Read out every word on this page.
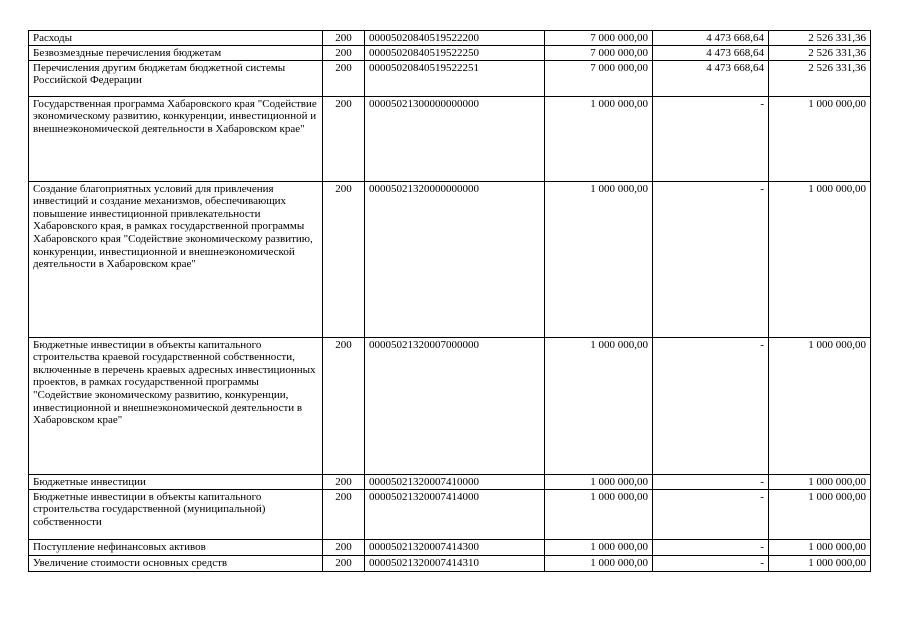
Расходы	200	00005020840519522200	7 000 000,00	4 473 668,64	2 526 331,36
Безвозмездные перечисления бюджетам	200	00005020840519522250	7 000 000,00	4 473 668,64	2 526 331,36
Перечисления другим бюджетам бюджетной системы Российской Федерации	200	00005020840519522251	7 000 000,00	4 473 668,64	2 526 331,36
Государственная программа Хабаровского края "Содействие экономическому развитию, конкуренции, инвестиционной и внешнеэкономической деятельности в Хабаровском крае"	200	00005021300000000000	1 000 000,00	-	1 000 000,00
Создание благоприятных условий для привлечения инвестиций и создание механизмов, обеспечивающих повышение инвестиционной привлекательности Хабаровского края, в рамках государственной программы Хабаровского края "Содействие экономическому развитию, конкуренции, инвестиционной и внешнеэкономической деятельности в Хабаровском крае"	200	00005021320000000000	1 000 000,00	-	1 000 000,00
Бюджетные инвестиции в объекты капитального строительства краевой государственной собственности, включенные в перечень краевых адресных инвестиционных проектов, в рамках государственной программы "Содействие экономическому развитию, конкуренции, инвестиционной и внешнеэкономической деятельности в Хабаровском крае"	200	00005021320007000000	1 000 000,00	-	1 000 000,00
Бюджетные инвестиции	200	00005021320007410000	1 000 000,00	-	1 000 000,00
Бюджетные инвестиции в объекты капитального строительства государственной (муниципальной) собственности	200	00005021320007414000	1 000 000,00	-	1 000 000,00
Поступление нефинансовых активов	200	00005021320007414300	1 000 000,00	-	1 000 000,00
Увеличение стоимости основных средств	200	00005021320007414310	1 000 000,00	-	1 000 000,00
